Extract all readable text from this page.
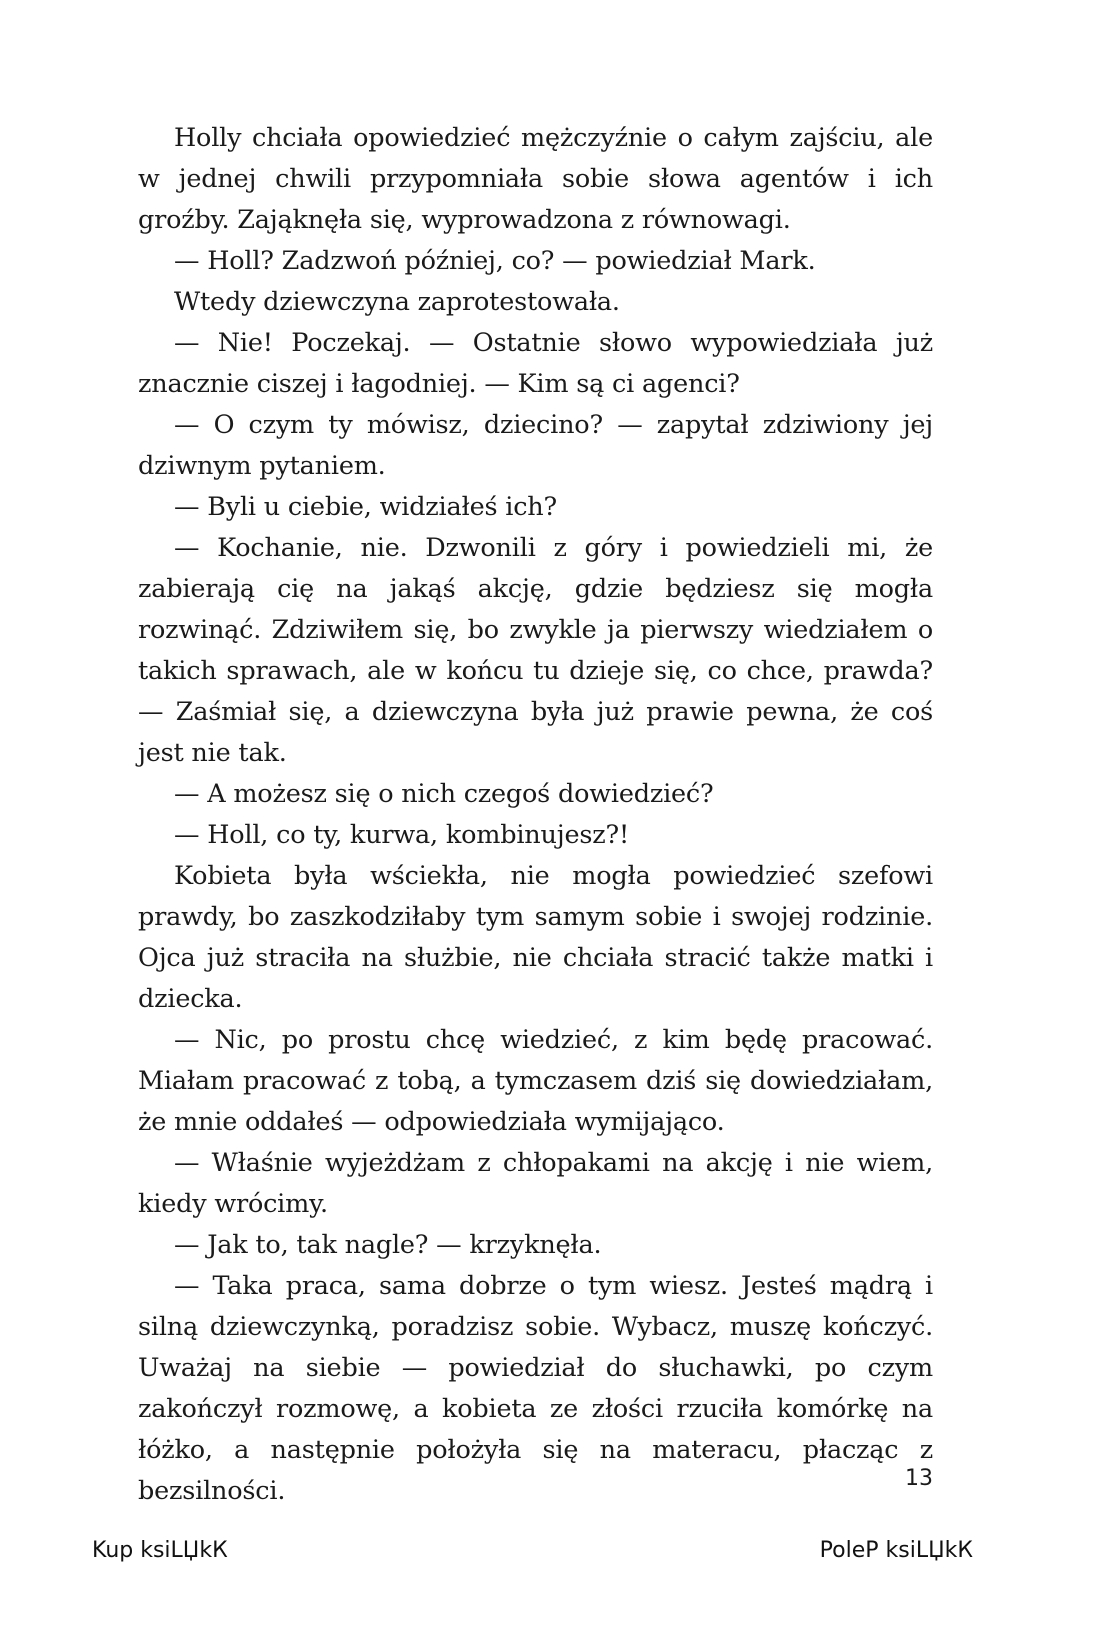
Holly chciała opowiedzieć mężczyźnie o całym zajściu, ale w jednej chwili przypomniała sobie słowa agentów i ich groźby. Zająknęła się, wyprowadzona z równowagi.

— Holl? Zadzwoń później, co? — powiedział Mark.

Wtedy dziewczyna zaprotestowała.

— Nie! Poczekaj. — Ostatnie słowo wypowiedziała już znacznie ciszej i łagodniej. — Kim są ci agenci?

— O czym ty mówisz, dziecino? — zapytał zdziwiony jej dziwnym pytaniem.

— Byli u ciebie, widziałeś ich?

— Kochanie, nie. Dzwonili z góry i powiedzieli mi, że zabierają cię na jakąś akcję, gdzie będziesz się mogła rozwinąć. Zdziwiłem się, bo zwykle ja pierwszy wiedziałem o takich sprawach, ale w końcu tu dzieje się, co chce, prawda? — Zaśmiał się, a dziewczyna była już prawie pewna, że coś jest nie tak.

— A możesz się o nich czegoś dowiedzieć?

— Holl, co ty, kurwa, kombinujesz?!

Kobieta była wściekła, nie mogła powiedzieć szefowi prawdy, bo zaszkodziłaby tym samym sobie i swojej rodzinie. Ojca już straciła na służbie, nie chciała stracić także matki i dziecka.

— Nic, po prostu chcę wiedzieć, z kim będę pracować. Miałam pracować z tobą, a tymczasem dziś się dowiedziałam, że mnie oddałeś — odpowiedziała wymijająco.

— Właśnie wyjeżdżam z chłopakami na akcję i nie wiem, kiedy wrócimy.

— Jak to, tak nagle? — krzyknęła.

— Taka praca, sama dobrze o tym wiesz. Jesteś mądrą i silną dziewczynką, poradzisz sobie. Wybacz, muszę kończyć. Uważaj na siebie — powiedział do słuchawki, po czym zakończył rozmowę, a kobieta ze złości rzuciła komórkę na łóżko, a następnie położyła się na materacu, płacząc z bezsilności.	13
Kup ksiLЏkК	PoleР ksiLЏkК
